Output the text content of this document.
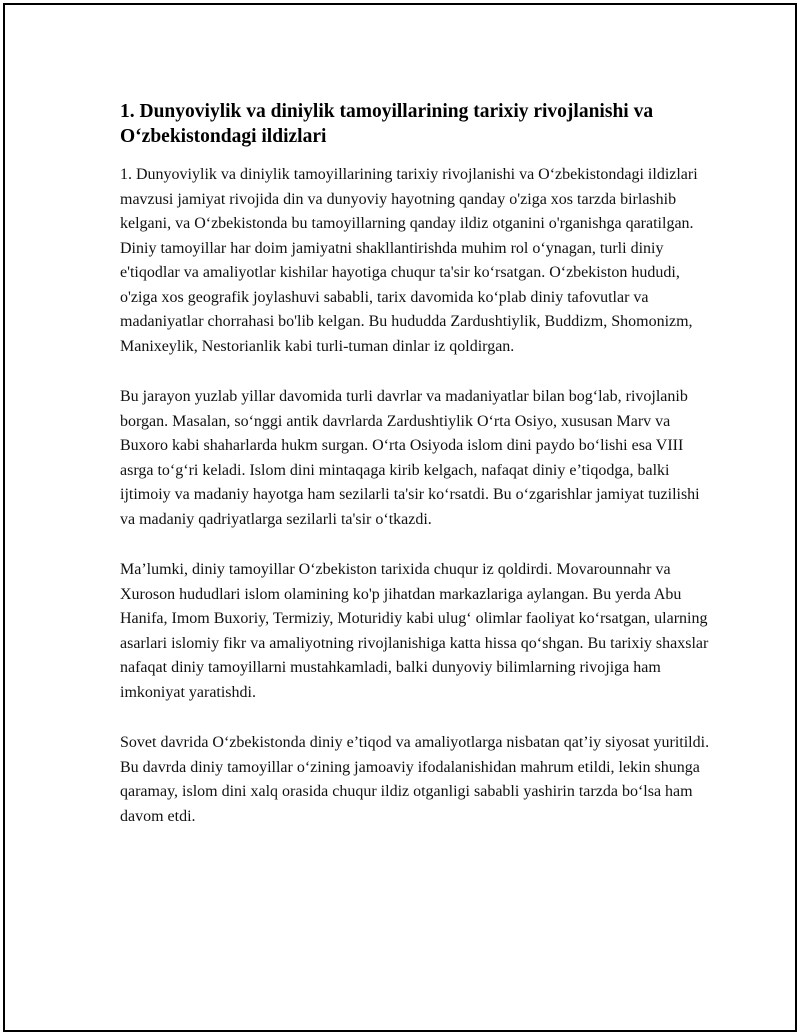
1. Dunyoviylik va diniylik tamoyillarining tarixiy rivojlanishi va O‘zbekistondagi ildizlari

1. Dunyoviylik va diniylik tamoyillarining tarixiy rivojlanishi va O‘zbekistondagi ildizlari mavzusi jamiyat rivojida din va dunyoviy hayotning qanday o'ziga xos tarzda birlashib kelgani, va O‘zbekistonda bu tamoyillarning qanday ildiz otganini o'rganishga qaratilgan. Diniy tamoyillar har doim jamiyatni shakllantirishda muhim rol o‘ynagan, turli diniy e'tiqodlar va amaliyotlar kishilar hayotiga chuqur ta'sir ko‘rsatgan. O‘zbekiston hududi, o'ziga xos geografik joylashuvi sababli, tarix davomida ko‘plab diniy tafovutlar va madaniyatlar chorrahasi bo'lib kelgan. Bu hududda Zardushtiylik, Buddizm, Shomonizm, Manixeylik, Nestorianlik kabi turli-tuman dinlar iz qoldirgan.

Bu jarayon yuzlab yillar davomida turli davrlar va madaniyatlar bilan bog‘lab, rivojlanib borgan. Masalan, so‘nggi antik davrlarda Zardushtiylik O‘rta Osiyo, xususan Marv va Buxoro kabi shaharlarda hukm surgan. O‘rta Osiyoda islom dini paydo bo‘lishi esa VIII asrga to‘g‘ri keladi. Islom dini mintaqaga kirib kelgach, nafaqat diniy e’tiqodga, balki ijtimoiy va madaniy hayotga ham sezilarli ta'sir ko‘rsatdi. Bu o‘zgarishlar jamiyat tuzilishi va madaniy qadriyatlarga sezilarli ta'sir o‘tkazdi.

Ma’lumki, diniy tamoyillar O‘zbekiston tarixida chuqur iz qoldirdi. Movarounnahr va Xuroson hududlari islom olamining ko'p jihatdan markazlariga aylangan. Bu yerda Abu Hanifa, Imom Buxoriy, Termiziy, Moturidiy kabi ulug‘ olimlar faoliyat ko‘rsatgan, ularning asarlari islomiy fikr va amaliyotning rivojlanishiga katta hissa qo‘shgan. Bu tarixiy shaxslar nafaqat diniy tamoyillarni mustahkamladi, balki dunyoviy bilimlarning rivojiga ham imkoniyat yaratishdi.

Sovet davrida O‘zbekistonda diniy e’tiqod va amaliyotlarga nisbatan qat’iy siyosat yuritildi. Bu davrda diniy tamoyillar o‘zining jamoaviy ifodalanishidan mahrum etildi, lekin shunga qaramay, islom dini xalq orasida chuqur ildiz otganligi sababli yashirin tarzda bo‘lsa ham davom etdi.
